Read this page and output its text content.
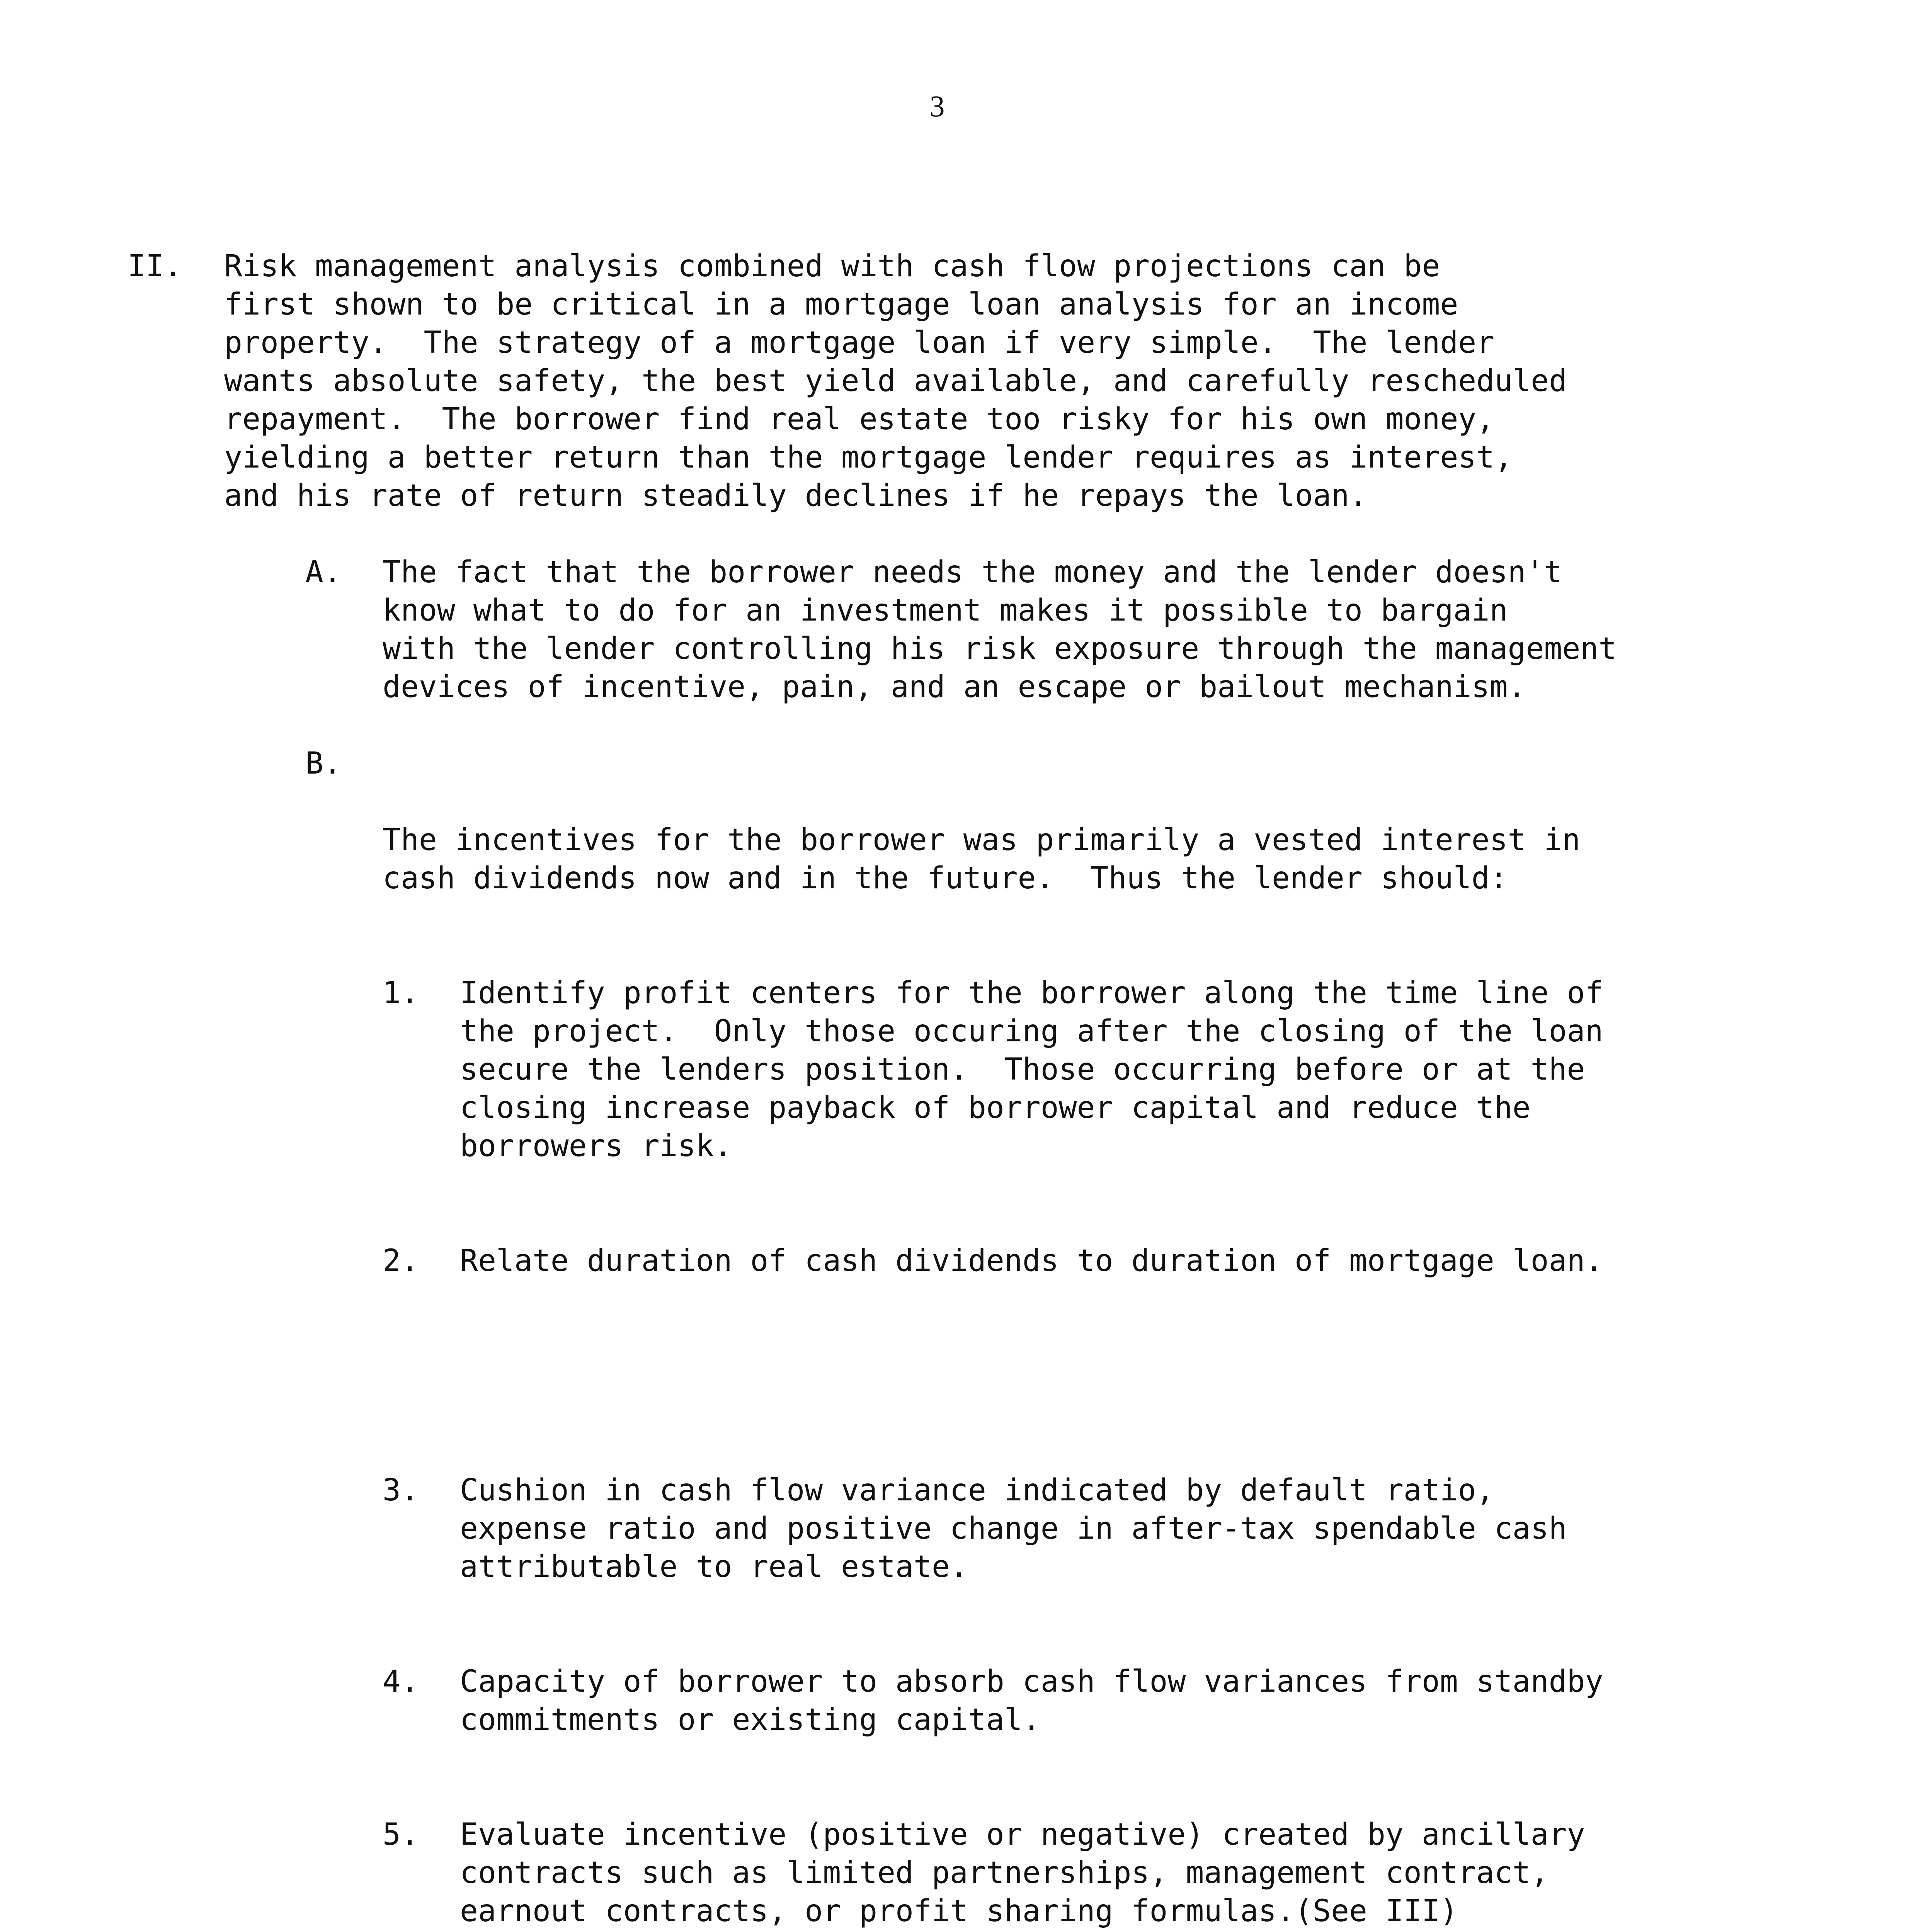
3
II.	Risk management analysis combined with cash flow projections can be
first shown to be critical in a mortgage loan analysis for an income
property.  The strategy of a mortgage loan if very simple.  The lender
wants absolute safety, the best yield available, and carefully rescheduled
repayment.  The borrower find real estate too risky for his own money,
yielding a better return than the mortgage lender requires as interest,
and his rate of return steadily declines if he repays the loan.
A.	The fact that the borrower needs the money and the lender doesn't
know what to do for an investment makes it possible to bargain
with the lender controlling his risk exposure through the management
devices of incentive, pain, and an escape or bailout mechanism.
B.

The incentives for the borrower was primarily a vested interest in
cash dividends now and in the future.  Thus the lender should:

1.	Identify profit centers for the borrower along the time line of
the project.  Only those occuring after the closing of the loan
secure the lenders position.  Those occurring before or at the
closing increase payback of borrower capital and reduce the
borrowers risk.

2.	Relate duration of cash dividends to duration of mortgage loan.

3.	Cushion in cash flow variance indicated by default ratio,
expense ratio and positive change in after-tax spendable cash
attributable to real estate.

4.	Capacity of borrower to absorb cash flow variances from standby
commitments or existing capital.

5.	Evaluate incentive (positive or negative) created by ancillary
contracts such as limited partnerships, management contract,
earnout contracts, or profit sharing formulas.(See III)
